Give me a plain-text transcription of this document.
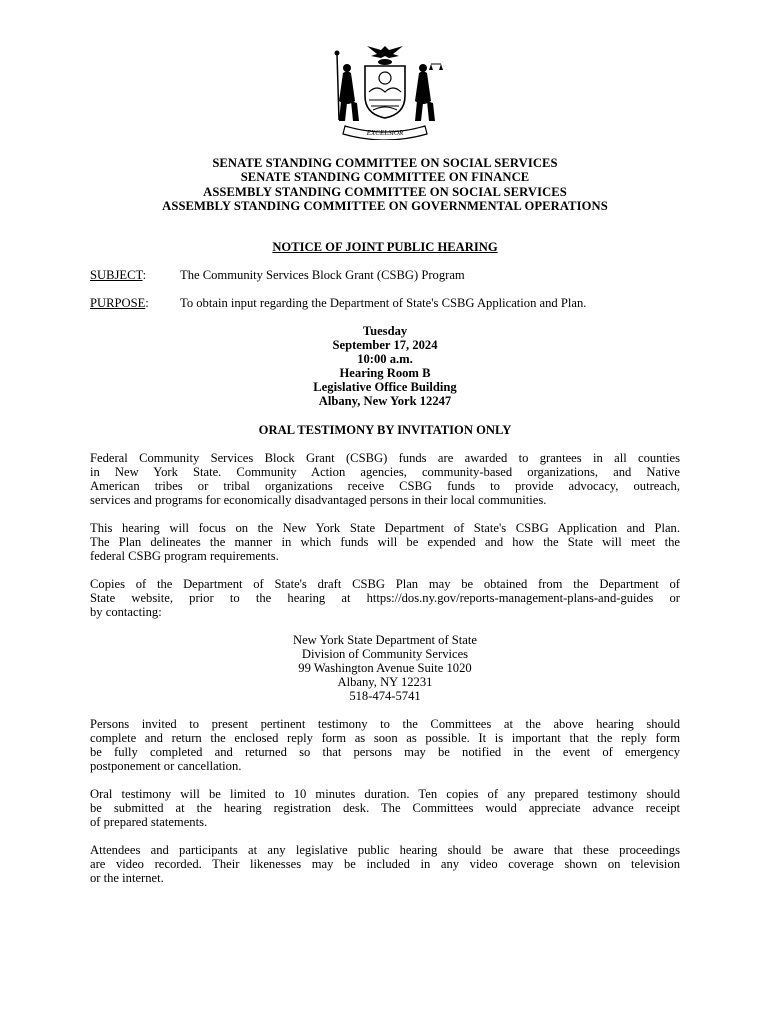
EXCELSIOR
SENATE STANDING COMMITTEE ON SOCIAL SERVICES
SENATE STANDING COMMITTEE ON FINANCE
ASSEMBLY STANDING COMMITTEE ON SOCIAL SERVICES
ASSEMBLY STANDING COMMITTEE ON GOVERNMENTAL OPERATIONS
NOTICE OF JOINT PUBLIC HEARING
SUBJECT:	The Community Services Block Grant (CSBG) Program
PURPOSE: To obtain input regarding the Department of State's CSBG Application and Plan.
Tuesday
September 17, 2024
10:00 a.m.
Hearing Room B
Legislative Office Building
Albany, New York 12247
ORAL TESTIMONY BY INVITATION ONLY
Federal Community Services Block Grant (CSBG) funds are awarded to grantees in all counties
in New York State. Community Action agencies, community-based organizations, and Native
American tribes or tribal organizations receive CSBG funds to provide advocacy, outreach,
services and programs for economically disadvantaged persons in their local communities.
This hearing will focus on the New York State Department of State's CSBG Application and Plan.
The Plan delineates the manner in which funds will be expended and how the State will meet the
federal CSBG program requirements.
Copies of the Department of State's draft CSBG Plan may be obtained from the Department of
State website, prior to the hearing at https://dos.ny.gov/reports-management-plans-and-guides or
by contacting:
New York State Department of State
Division of Community Services
99 Washington Avenue Suite 1020
Albany, NY 12231
518-474-5741
Persons invited to present pertinent testimony to the Committees at the above hearing should
complete and return the enclosed reply form as soon as possible. It is important that the reply form
be fully completed and returned so that persons may be notified in the event of emergency
postponement or cancellation.
Oral testimony will be limited to 10 minutes duration. Ten copies of any prepared testimony should
be submitted at the hearing registration desk. The Committees would appreciate advance receipt
of prepared statements.
Attendees and participants at any legislative public hearing should be aware that these proceedings
are video recorded. Their likenesses may be included in any video coverage shown on television
or the internet.
